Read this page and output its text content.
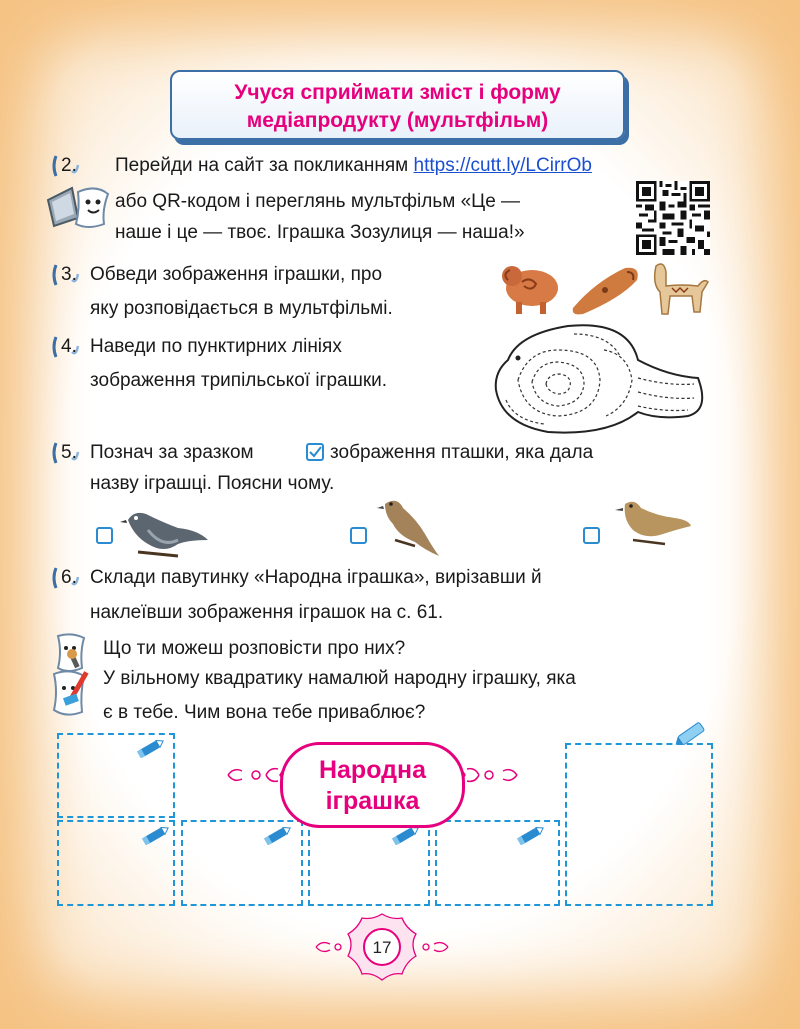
Учуся сприймати зміст і форму
медіапродукту (мультфільм)
2. Перейди на сайт за покликанням https://cutt.ly/LCirrOb
або QR-кодом і переглянь мультфільм «Це —
наше і це — твоє. Іграшка Зозулиця — наша!»
3. Обведи зображення іграшки, про
яку розповідається в мультфільмі.
4. Наведи по пунктирних лініях
зображення трипільської іграшки.
5. Познач за зразком	зображення пташки, яка дала
назву іграшці. Поясни чому.
6. Склади павутинку «Народна іграшка», вирізавши й
наклеївши зображення іграшок на с. 61.
Що ти можеш розповісти про них?
У вільному квадратику намалюй народну іграшку, яка
є в тебе. Чим вона тебе приваблює?
Народна
іграшка
17
